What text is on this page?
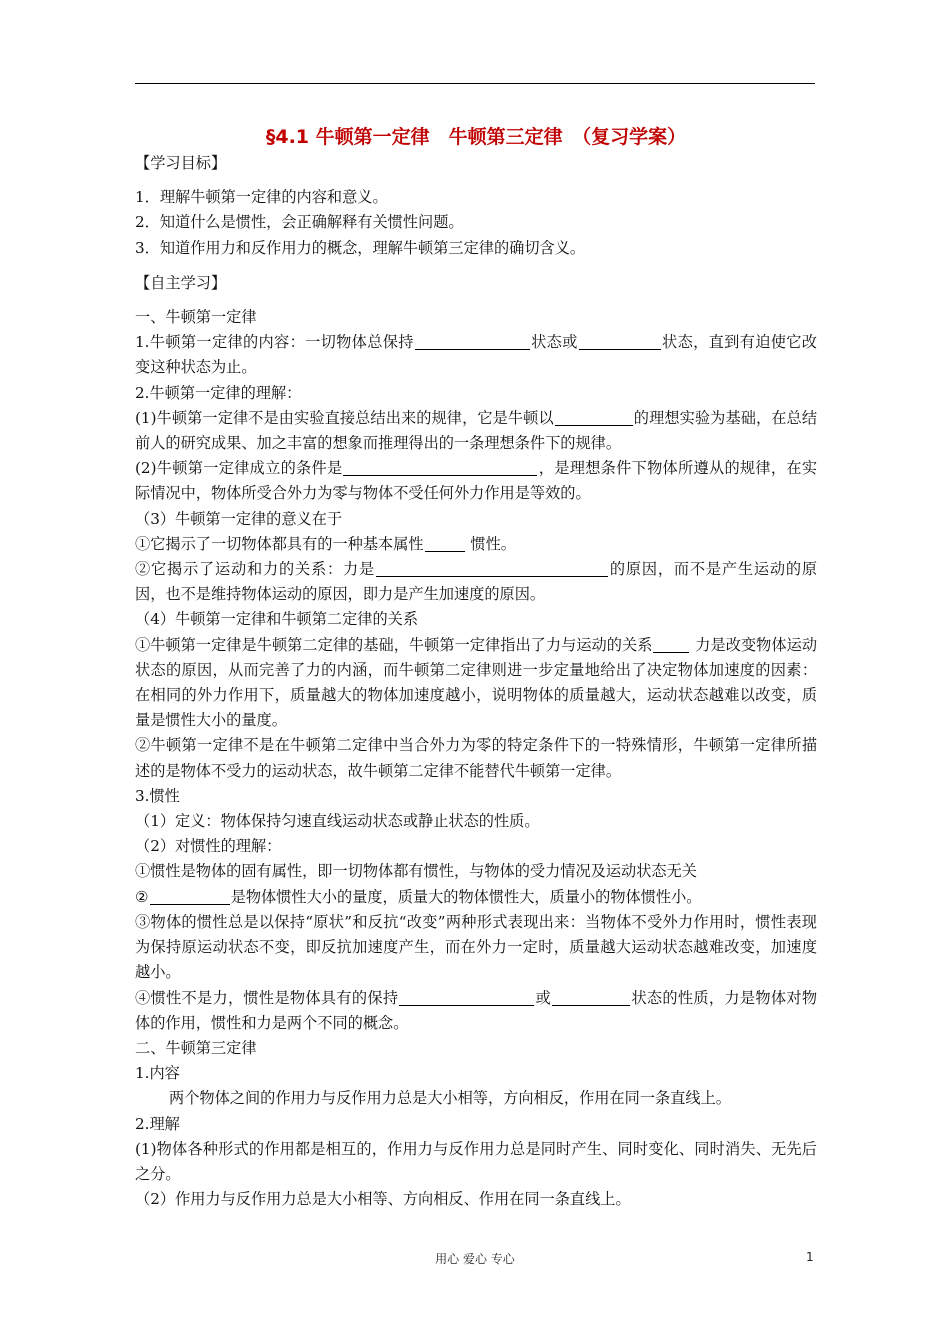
§4.1 牛顿第一定律　牛顿第三定律　（复习学案）

【学习目标】

1．理解牛顿第一定律的内容和意义。

2．知道什么是惯性，会正确解释有关惯性问题。

3．知道作用力和反作用力的概念，理解牛顿第三定律的确切含义。

【自主学习】

一、牛顿第一定律

1.牛顿第一定律的内容：一切物体总保持	状态或	状态，直到有迫使它改变这种状态为止。

2.牛顿第一定律的理解：

(1)牛顿第一定律不是由实验直接总结出来的规律，它是牛顿以	的理想实验为基础，在总结前人的研究成果、加之丰富的想象而推理得出的一条理想条件下的规律。

(2)牛顿第一定律成立的条件是	，是理想条件下物体所遵从的规律，在实际情况中，物体所受合外力为零与物体不受任何外力作用是等效的。

（3）牛顿第一定律的意义在于

①它揭示了一切物体都具有的一种基本属性	惯性。

②它揭示了运动和力的关系：力是	的原因，而不是产生运动的原因，也不是维持物体运动的原因，即力是产生加速度的原因。

（4）牛顿第一定律和牛顿第二定律的关系

①牛顿第一定律是牛顿第二定律的基础，牛顿第一定律指出了力与运动的关系	力是改变物体运动状态的原因，从而完善了力的内涵，而牛顿第二定律则进一步定量地给出了决定物体加速度的因素：在相同的外力作用下，质量越大的物体加速度越小，说明物体的质量越大，运动状态越难以改变，质量是惯性大小的量度。

②牛顿第一定律不是在牛顿第二定律中当合外力为零的特定条件下的一特殊情形，牛顿第一定律所描述的是物体不受力的运动状态，故牛顿第二定律不能替代牛顿第一定律。

3.惯性

（1）定义：物体保持匀速直线运动状态或静止状态的性质。

（2）对惯性的理解：

①惯性是物体的固有属性，即一切物体都有惯性，与物体的受力情况及运动状态无关

②	是物体惯性大小的量度，质量大的物体惯性大，质量小的物体惯性小。

③物体的惯性总是以保持“原状”和反抗“改变”两种形式表现出来：当物体不受外力作用时，惯性表现为保持原运动状态不变，即反抗加速度产生，而在外力一定时，质量越大运动状态越难改变，加速度越小。

④惯性不是力，惯性是物体具有的保持	或	状态的性质，力是物体对物体的作用，惯性和力是两个不同的概念。

二、牛顿第三定律

1.内容

两个物体之间的作用力与反作用力总是大小相等，方向相反，作用在同一条直线上。

2.理解

(1)物体各种形式的作用都是相互的，作用力与反作用力总是同时产生、同时变化、同时消失、无先后之分。

（2）作用力与反作用力总是大小相等、方向相反、作用在同一条直线上。

用心 爱心 专心	1
